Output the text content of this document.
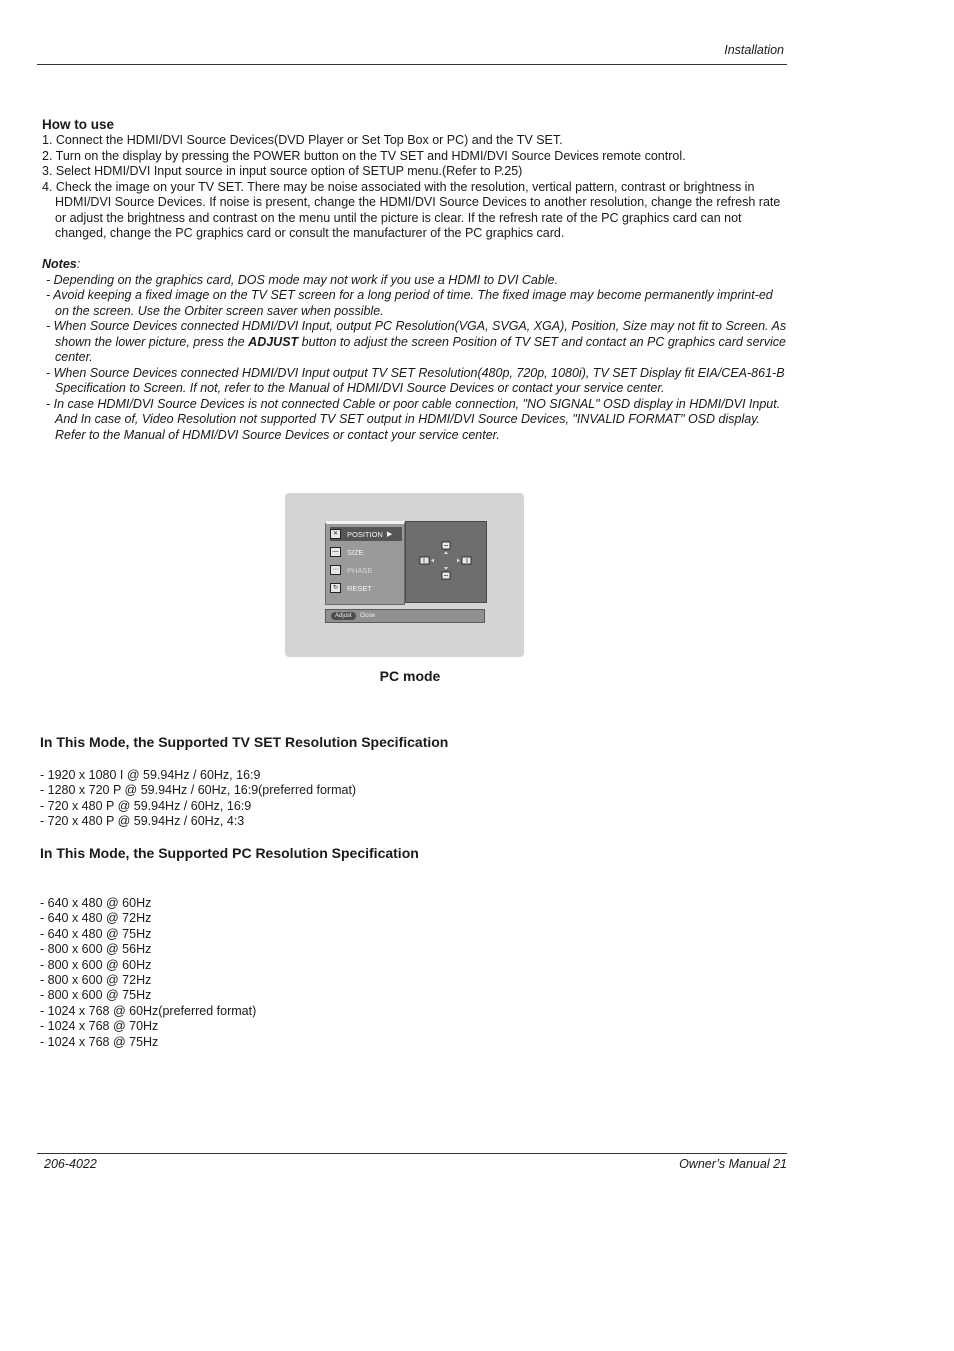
Installation
How to use
1. Connect the HDMI/DVI Source Devices(DVD Player or Set Top Box or PC) and the TV SET.
2. Turn on the display by pressing the POWER button on the TV SET and HDMI/DVI Source Devices remote control.
3. Select HDMI/DVI Input source in input source option of SETUP menu.(Refer to P.25)
4. Check the image on your TV SET. There may be noise associated with the resolution, vertical pattern, contrast or brightness in HDMI/DVI Source Devices. If noise is present, change the HDMI/DVI Source Devices to another resolution, change the refresh rate or adjust the brightness and contrast on the menu until the picture is clear. If the refresh rate of the PC graphics card can not changed, change the PC graphics card or consult the manufacturer of the PC graphics card.
Notes:
- Depending on the graphics card, DOS mode may not work if you use a HDMI to DVI Cable.
- Avoid keeping a fixed image on the TV SET screen for a long period of time. The fixed image may become permanently imprint-ed on the screen. Use the Orbiter screen saver when possible.
- When Source Devices connected HDMI/DVI Input, output PC Resolution(VGA, SVGA, XGA), Position, Size may not fit to Screen. As shown the lower picture, press the ADJUST button to adjust the screen Position of TV SET and contact an PC graphics card service center.
- When Source Devices connected HDMI/DVI Input output TV SET Resolution(480p, 720p, 1080i), TV SET Display fit EIA/CEA-861-B Specification to Screen. If not, refer to the Manual of HDMI/DVI Source Devices or contact your service center.
- In case HDMI/DVI Source Devices is not connected Cable or poor cable connection, "NO SIGNAL" OSD display in HDMI/DVI Input. And In case of, Video Resolution not supported TV SET output in HDMI/DVI Source Devices, "INVALID FORMAT" OSD display. Refer to the Manual of HDMI/DVI Source Devices or contact your service center.
✕	POSITION ▶
—	SIZE
⋯	PHASE
↻	RESET
Adjust	Close
PC mode
In This Mode, the Supported TV SET Resolution Specification
- 1920 x 1080 I @ 59.94Hz / 60Hz, 16:9
- 1280 x 720 P @ 59.94Hz / 60Hz, 16:9(preferred format)
- 720 x 480 P @ 59.94Hz / 60Hz, 16:9
- 720 x 480 P @ 59.94Hz / 60Hz, 4:3
In This Mode, the Supported PC Resolution Specification
- 640 x 480 @ 60Hz
- 640 x 480 @ 72Hz
- 640 x 480 @ 75Hz
- 800 x 600 @ 56Hz
- 800 x 600 @ 60Hz
- 800 x 600 @ 72Hz
- 800 x 600 @ 75Hz
- 1024 x 768 @ 60Hz(preferred format)
- 1024 x 768 @ 70Hz
- 1024 x 768 @ 75Hz
206-4022	Owner’s Manual 21
